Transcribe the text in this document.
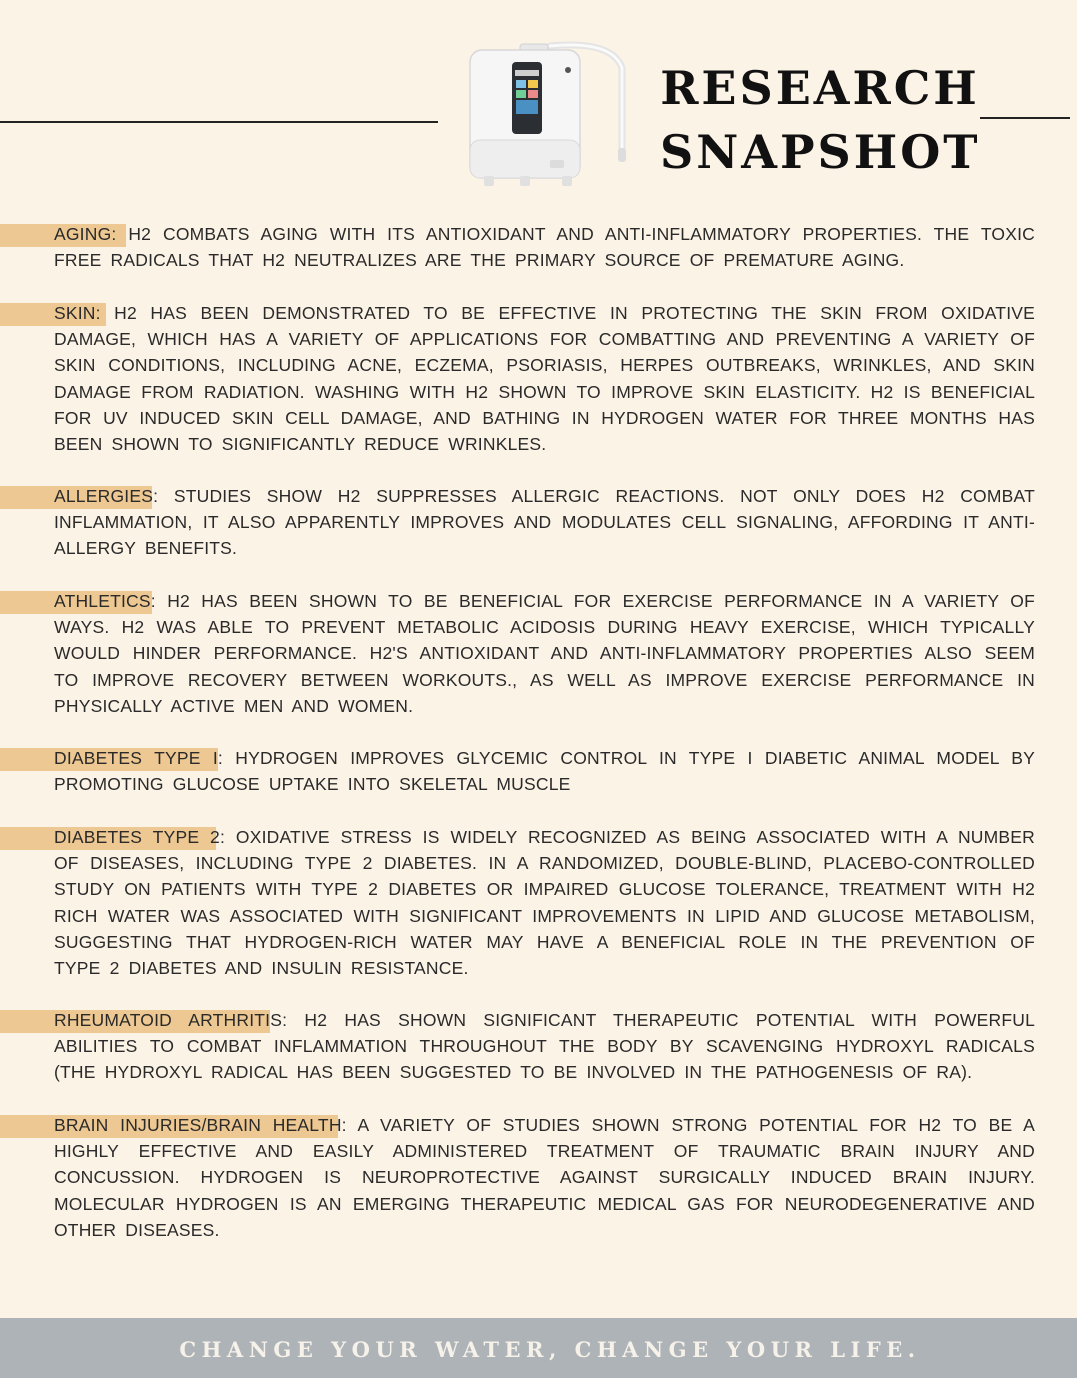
RESEARCH
SNAPSHOT

AGING: H2 COMBATS AGING WITH ITS ANTIOXIDANT AND ANTI-INFLAMMATORY PROPERTIES. THE TOXIC FREE RADICALS THAT H2 NEUTRALIZES ARE THE PRIMARY SOURCE OF PREMATURE AGING.

SKIN: H2 HAS BEEN DEMONSTRATED TO BE EFFECTIVE IN PROTECTING THE SKIN FROM OXIDATIVE DAMAGE, WHICH HAS A VARIETY OF APPLICATIONS FOR COMBATTING AND PREVENTING A VARIETY OF SKIN CONDITIONS, INCLUDING ACNE, ECZEMA, PSORIASIS, HERPES OUTBREAKS, WRINKLES, AND SKIN DAMAGE FROM RADIATION. WASHING WITH H2 SHOWN TO IMPROVE SKIN ELASTICITY. H2 IS BENEFICIAL FOR UV INDUCED SKIN CELL DAMAGE, AND BATHING IN HYDROGEN WATER FOR THREE MONTHS HAS BEEN SHOWN TO SIGNIFICANTLY REDUCE WRINKLES.

ALLERGIES: STUDIES SHOW H2 SUPPRESSES ALLERGIC REACTIONS. NOT ONLY DOES H2 COMBAT INFLAMMATION, IT ALSO APPARENTLY IMPROVES AND MODULATES CELL SIGNALING, AFFORDING IT ANTI-ALLERGY BENEFITS.

ATHLETICS: H2 HAS BEEN SHOWN TO BE BENEFICIAL FOR EXERCISE PERFORMANCE IN A VARIETY OF WAYS. H2 WAS ABLE TO PREVENT METABOLIC ACIDOSIS DURING HEAVY EXERCISE, WHICH TYPICALLY WOULD HINDER PERFORMANCE. H2'S ANTIOXIDANT AND ANTI-INFLAMMATORY PROPERTIES ALSO SEEM TO IMPROVE RECOVERY BETWEEN WORKOUTS., AS WELL AS IMPROVE EXERCISE PERFORMANCE IN PHYSICALLY ACTIVE MEN AND WOMEN.

DIABETES TYPE I: HYDROGEN IMPROVES GLYCEMIC CONTROL IN TYPE I DIABETIC ANIMAL MODEL BY PROMOTING GLUCOSE UPTAKE INTO SKELETAL MUSCLE

DIABETES TYPE 2: OXIDATIVE STRESS IS WIDELY RECOGNIZED AS BEING ASSOCIATED WITH A NUMBER OF DISEASES, INCLUDING TYPE 2 DIABETES. IN A RANDOMIZED, DOUBLE-BLIND, PLACEBO-CONTROLLED STUDY ON PATIENTS WITH TYPE 2 DIABETES OR IMPAIRED GLUCOSE TOLERANCE, TREATMENT WITH H2 RICH WATER WAS ASSOCIATED WITH SIGNIFICANT IMPROVEMENTS IN LIPID AND GLUCOSE METABOLISM, SUGGESTING THAT HYDROGEN-RICH WATER MAY HAVE A BENEFICIAL ROLE IN THE PREVENTION OF TYPE 2 DIABETES AND INSULIN RESISTANCE.

RHEUMATOID ARTHRITIS: H2 HAS SHOWN SIGNIFICANT THERAPEUTIC POTENTIAL WITH POWERFUL ABILITIES TO COMBAT INFLAMMATION THROUGHOUT THE BODY BY SCAVENGING HYDROXYL RADICALS (THE HYDROXYL RADICAL HAS BEEN SUGGESTED TO BE INVOLVED IN THE PATHOGENESIS OF RA).

BRAIN INJURIES/BRAIN HEALTH: A VARIETY OF STUDIES SHOWN STRONG POTENTIAL FOR H2 TO BE A HIGHLY EFFECTIVE AND EASILY ADMINISTERED TREATMENT OF TRAUMATIC BRAIN INJURY AND CONCUSSION. HYDROGEN IS NEUROPROTECTIVE AGAINST SURGICALLY INDUCED BRAIN INJURY. MOLECULAR HYDROGEN IS AN EMERGING THERAPEUTIC MEDICAL GAS FOR NEURODEGENERATIVE AND OTHER DISEASES.

CHANGE YOUR WATER, CHANGE YOUR LIFE.
